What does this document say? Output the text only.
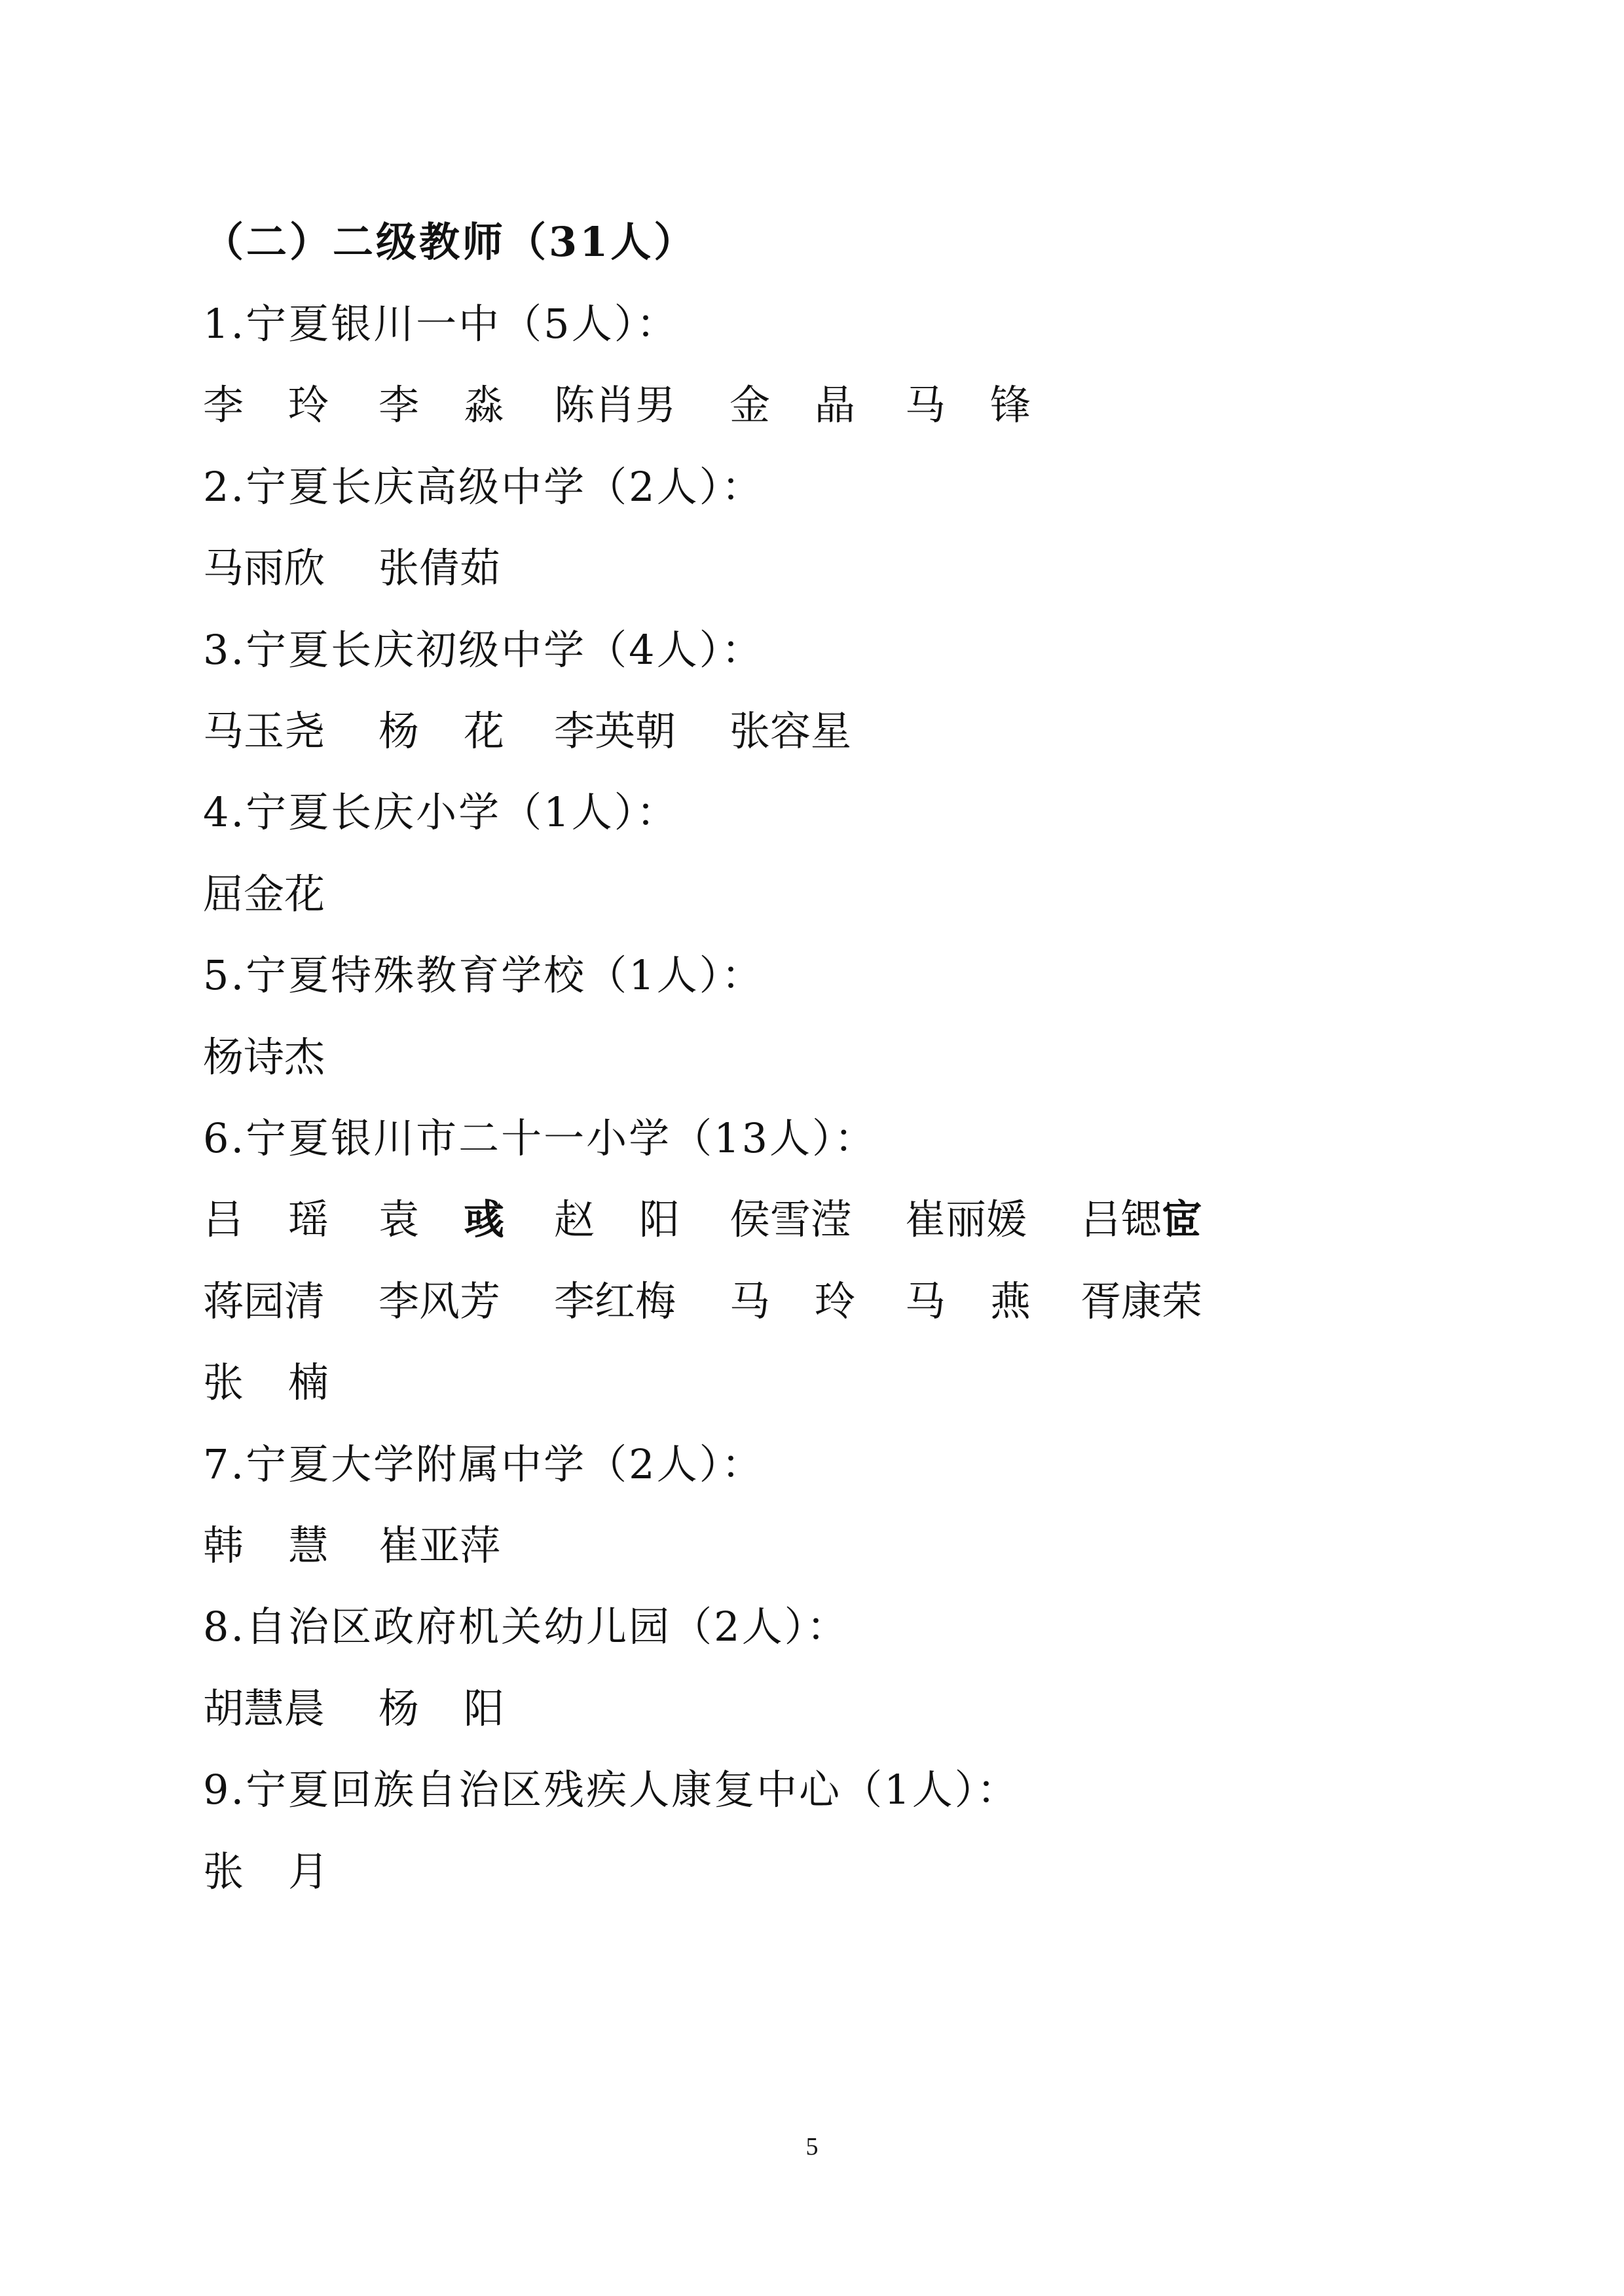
（二）二级教师（31人）
1.宁夏银川一中（5人）：
李玲 李淼 陈肖男 金晶 马锋
2.宁夏长庆高级中学（2人）：
马雨欣 张倩茹
3.宁夏长庆初级中学（4人）：
马玉尧 杨花 李英朝 张容星
4.宁夏长庆小学（1人）：
屈金花
5.宁夏特殊教育学校（1人）：
杨诗杰
6.宁夏银川市二十一小学（13人）：
吕瑶 袁彧 赵阳 侯雪滢 崔丽媛 吕锶宧
蒋园清 李风芳 李红梅 马玲 马燕 胥康荣
张楠
7.宁夏大学附属中学（2人）：
韩慧 崔亚萍
8.自治区政府机关幼儿园（2人）：
胡慧晨 杨阳
9.宁夏回族自治区残疾人康复中心（1人）：
张月
5
